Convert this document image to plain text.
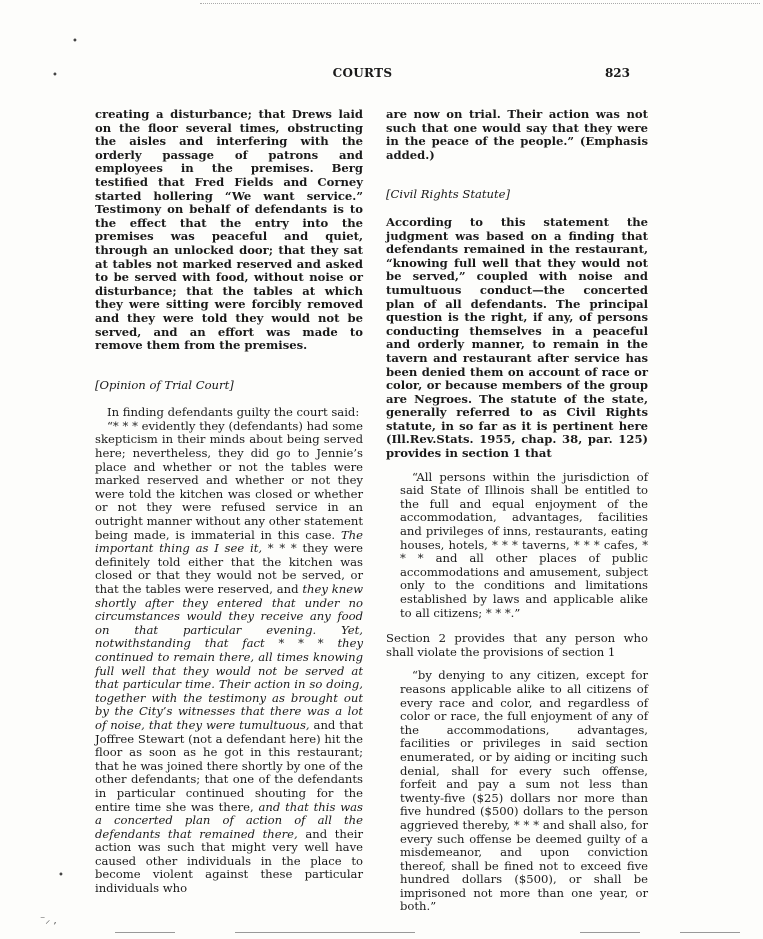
•
•
•
⁻⸝ ,
COURTS	823

creating a disturbance; that Drews laid on the floor several times, obstructing the aisles and interfering with the orderly passage of patrons and employees in the premises. Berg testified that Fred Fields and Corney started hollering “We want service.” Testimony on behalf of defendants is to the effect that the entry into the premises was peaceful and quiet, through an unlocked door; that they sat at tables not marked reserved and asked to be served with food, without noise or disturbance; that the tables at which they were sitting were forcibly removed and they were told they would not be served, and an effort was made to remove them from the premises.

[Opinion of Trial Court]

In finding defendants guilty the court said:

“* * * evidently they (defendants) had some skepticism in their minds about being served here; nevertheless, they did go to Jennie’s place and whether or not the tables were marked reserved and whether or not they were told the kitchen was closed or whether or not they were refused service in an outright manner without any other statement being made, is immaterial in this case. The important thing as I see it, * * * they were definitely told either that the kitchen was closed or that they would not be served, or that the tables were reserved, and they knew shortly after they entered that under no circumstances would they receive any food on that particular evening. Yet, notwithstanding that fact * * * they continued to remain there, all times knowing full well that they would not be served at that particular time. Their action in so doing, together with the testimony as brought out by the City’s witnesses that there was a lot of noise, that they were tumultuous, and that Joffree Stewart (not a defendant here) hit the floor as soon as he got in this restaurant; that he was joined there shortly by one of the other defendants; that one of the defendants in particular continued shouting for the entire time she was there, and that this was a concerted plan of action of all the defendants that remained there, and their action was such that might very well have caused other individuals in the place to become violent against these particular individuals who

are now on trial. Their action was not such that one would say that they were in the peace of the people.” (Emphasis added.)

[Civil Rights Statute]

According to this statement the judgment was based on a finding that defendants remained in the restaurant, “knowing full well that they would not be served,” coupled with noise and tumultuous conduct—the concerted plan of all defendants. The principal question is the right, if any, of persons conducting themselves in a peaceful and orderly manner, to remain in the tavern and restaurant after service has been denied them on account of race or color, or because members of the group are Negroes. The statute of the state, generally referred to as Civil Rights statute, in so far as it is pertinent here (Ill.Rev.Stats. 1955, chap. 38, par. 125) provides in section 1 that

“All persons within the jurisdiction of said State of Illinois shall be entitled to the full and equal enjoyment of the accommodation, advantages, facilities and privileges of inns, restaurants, eating houses, hotels, * * * taverns, * * * cafes, * * * and all other places of public accommodations and amusement, subject only to the conditions and limitations established by laws and applicable alike to all citizens; * * *.”

Section 2 provides that any person who shall violate the provisions of section 1

“by denying to any citizen, except for reasons applicable alike to all citizens of every race and color, and regardless of color or race, the full enjoyment of any of the accommodations, advantages, facilities or privileges in said section enumerated, or by aiding or inciting such denial, shall for every such offense, forfeit and pay a sum not less than twenty-five ($25) dollars nor more than five hundred ($500) dollars to the person aggrieved thereby, * * * and shall also, for every such offense be deemed guilty of a misdemeanor, and upon conviction thereof, shall be fined not to exceed five hundred dollars ($500), or shall be imprisoned not more than one year, or both.”
